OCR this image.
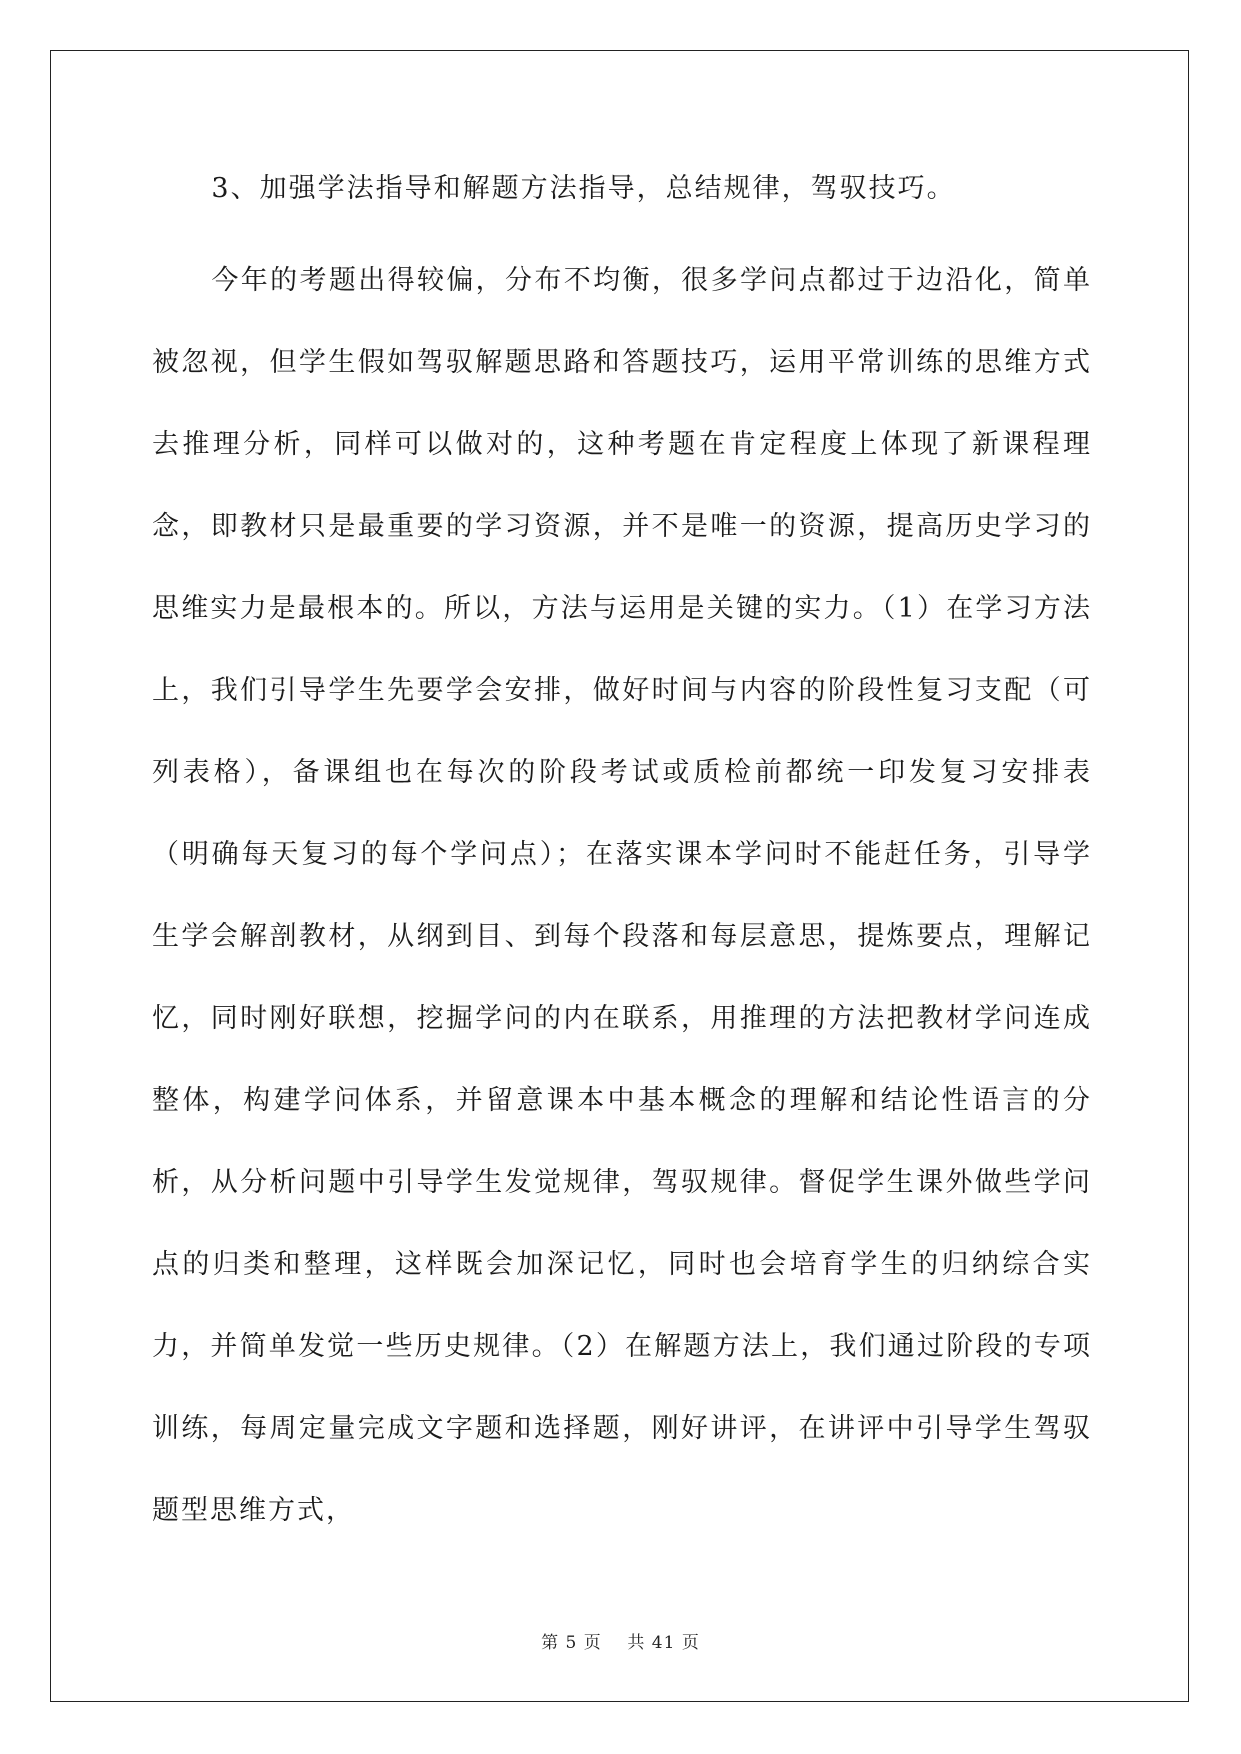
3、加强学法指导和解题方法指导，总结规律，驾驭技巧。

今年的考题出得较偏，分布不均衡，很多学问点都过于边沿化，简单被忽视，但学生假如驾驭解题思路和答题技巧，运用平常训练的思维方式去推理分析，同样可以做对的，这种考题在肯定程度上体现了新课程理念，即教材只是最重要的学习资源，并不是唯一的资源，提高历史学习的思维实力是最根本的。所以，方法与运用是关键的实力。（1）在学习方法上，我们引导学生先要学会安排，做好时间与内容的阶段性复习支配（可列表格），备课组也在每次的阶段考试或质检前都统一印发复习安排表（明确每天复习的每个学问点）；在落实课本学问时不能赶任务，引导学生学会解剖教材，从纲到目、到每个段落和每层意思，提炼要点，理解记忆，同时刚好联想，挖掘学问的内在联系，用推理的方法把教材学问连成整体，构建学问体系，并留意课本中基本概念的理解和结论性语言的分析，从分析问题中引导学生发觉规律，驾驭规律。督促学生课外做些学问点的归类和整理，这样既会加深记忆，同时也会培育学生的归纳综合实力，并简单发觉一些历史规律。（2）在解题方法上，我们通过阶段的专项训练，每周定量完成文字题和选择题，刚好讲评，在讲评中引导学生驾驭题型思维方式，

第 5 页    共 41 页
